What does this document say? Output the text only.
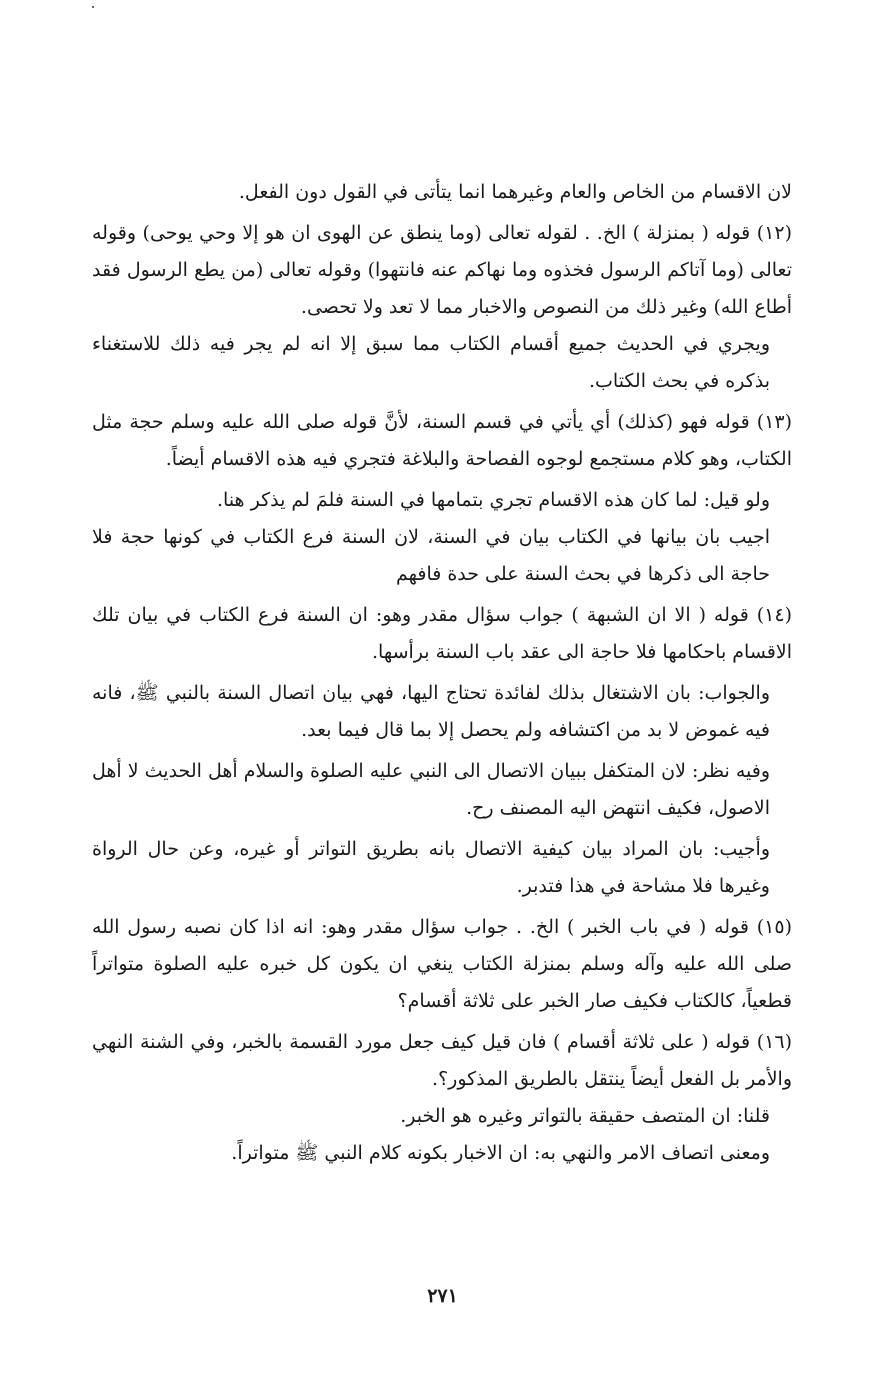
لان الاقسام من الخاص والعام وغيرهما انما يتأتى في القول دون الفعل.

(١٢) قوله ( بمنزلة ) الخ. . لقوله تعالى (وما ينطق عن الهوى ان هو إلا وحي يوحى) وقوله تعالى (وما آتاكم الرسول فخذوه وما نهاكم عنه فانتهوا) وقوله تعالى (من يطع الرسول فقد أطاع الله) وغير ذلك من النصوص والاخبار مما لا تعد ولا تحصى.

ويجري في الحديث جميع أقسام الكتاب مما سبق إلا انه لم يجر فيه ذلك للاستغناء بذكره في بحث الكتاب.

(١٣) قوله فهو (كذلك) أي يأتي في قسم السنة، لأنَّ قوله صلى الله عليه وسلم حجة مثل الكتاب، وهو كلام مستجمع لوجوه الفصاحة والبلاغة فتجري فيه هذه الاقسام أيضاً.

ولو قيل: لما كان هذه الاقسام تجري بتمامها في السنة فلمَ لم يذكر هنا.

اجيب بان بيانها في الكتاب بيان في السنة، لان السنة فرع الكتاب في كونها حجة فلا حاجة الى ذكرها في بحث السنة على حدة فافهم

(١٤) قوله ( الا ان الشبهة ) جواب سؤال مقدر وهو: ان السنة فرع الكتاب في بيان تلك الاقسام باحكامها فلا حاجة الى عقد باب السنة برأسها.

والجواب: بان الاشتغال بذلك لفائدة تحتاج اليها، فهي بيان اتصال السنة بالنبي ﷺ، فانه فيه غموض لا بد من اكتشافه ولم يحصل إلا بما قال فيما بعد.

وفيه نظر: لان المتكفل ببيان الاتصال الى النبي عليه الصلوة والسلام أهل الحديث لا أهل الاصول، فكيف انتهض اليه المصنف رح.

وأجيب: بان المراد بيان كيفية الاتصال بانه بطريق التواتر أو غيره، وعن حال الرواة وغيرها فلا مشاحة في هذا فتدبر.

(١٥) قوله ( في باب الخبر ) الخ. . جواب سؤال مقدر وهو: انه اذا كان نصبه رسول الله صلى الله عليه وآله وسلم بمنزلة الكتاب ينغي ان يكون كل خبره عليه الصلوة متواتراً قطعياً، كالكتاب فكيف صار الخبر على ثلاثة أقسام؟

(١٦) قوله ( على ثلاثة أقسام ) فان قيل كيف جعل مورد القسمة بالخبر، وفي الشنة النهي والأمر بل الفعل أيضاً ينتقل بالطريق المذكور؟.

قلنا: ان المتصف حقيقة بالتواتر وغيره هو الخبر.

ومعنى اتصاف الامر والنهي به: ان الاخبار بكونه كلام النبي ﷺ متواتراً.

٢٧١
